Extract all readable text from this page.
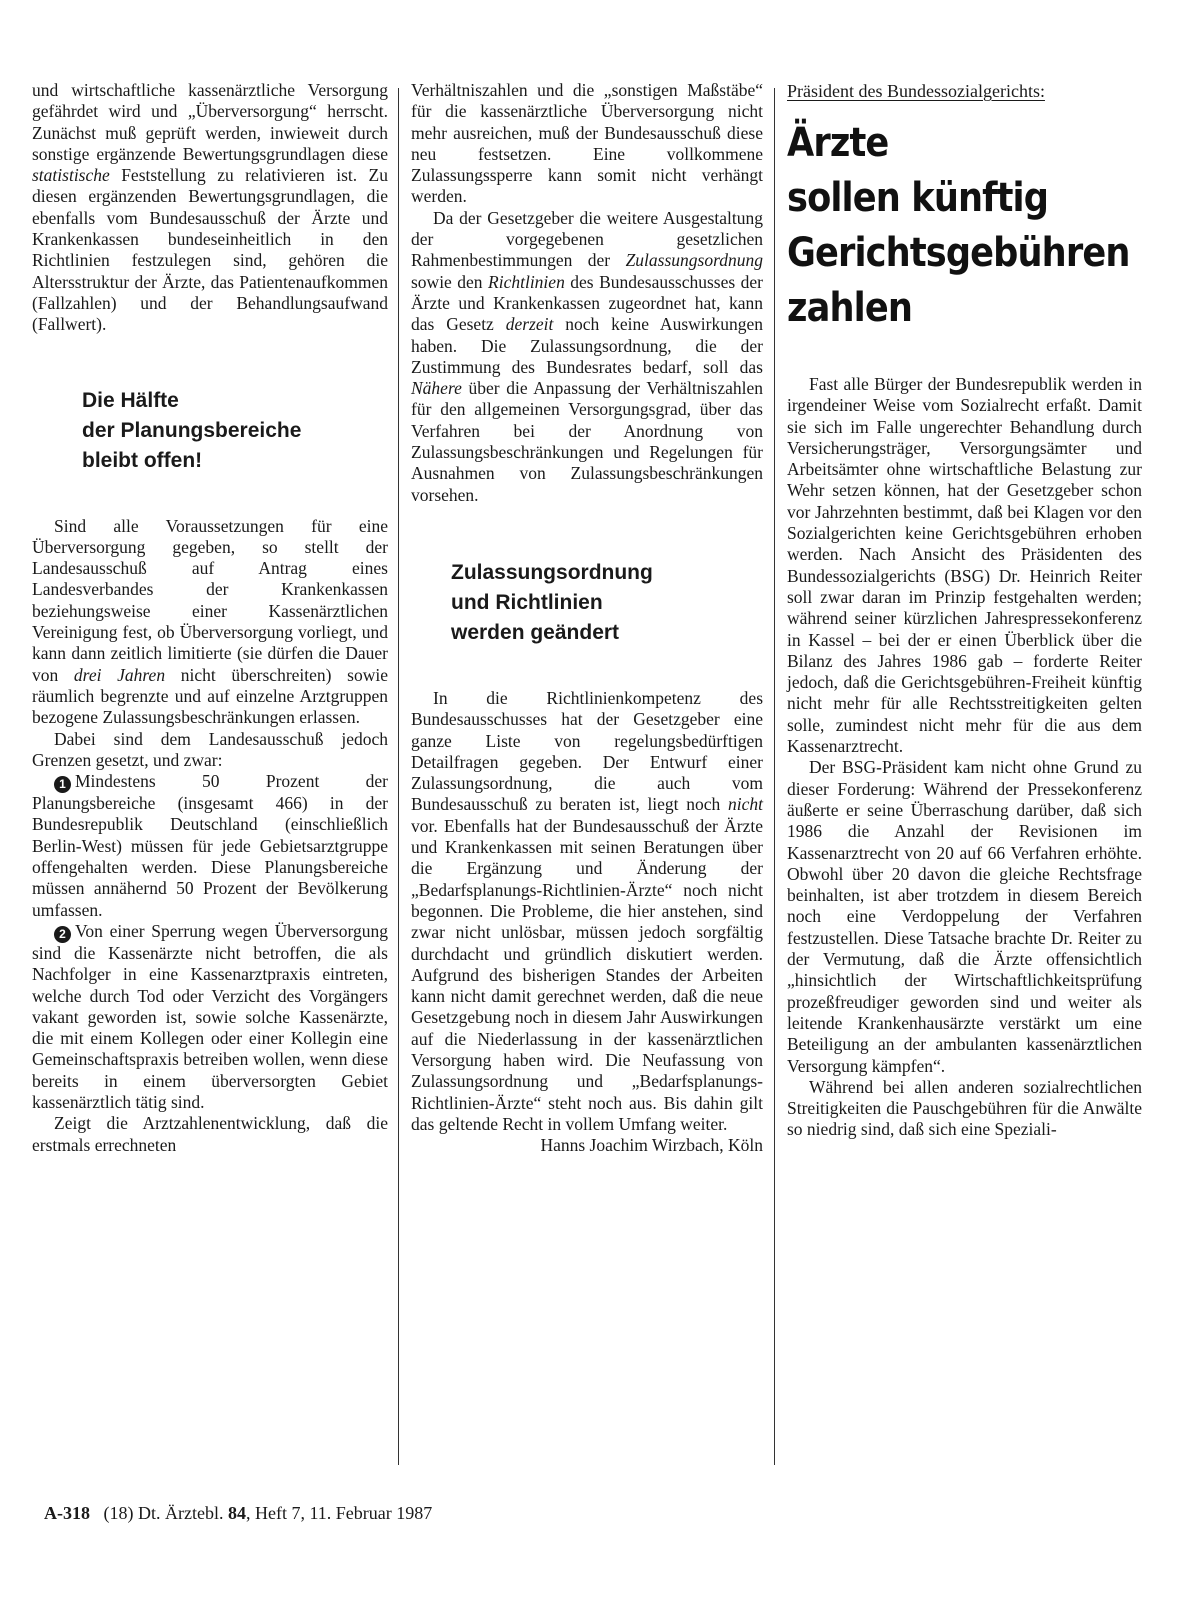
und wirtschaftliche kassenärztliche Versorgung gefährdet wird und „Überversorgung“ herrscht. Zunächst muß geprüft werden, inwieweit durch sonstige ergänzende Bewertungsgrundlagen diese statistische Feststellung zu relativieren ist. Zu diesen ergänzenden Bewertungsgrundlagen, die ebenfalls vom Bundesausschuß der Ärzte und Krankenkassen bundeseinheitlich in den Richtlinien festzulegen sind, gehören die Altersstruktur der Ärzte, das Patientenaufkommen (Fallzahlen) und der Behandlungsaufwand (Fallwert).

Die Hälfte
der Planungsbereiche
bleibt offen!

Sind alle Voraussetzungen für eine Überversorgung gegeben, so stellt der Landesausschuß auf Antrag eines Landesverbandes der Krankenkassen beziehungsweise einer Kassenärztlichen Vereinigung fest, ob Überversorgung vorliegt, und kann dann zeitlich limitierte (sie dürfen die Dauer von drei Jahren nicht überschreiten) sowie räumlich begrenzte und auf einzelne Arztgruppen bezogene Zulassungsbeschränkungen erlassen.

Dabei sind dem Landesausschuß jedoch Grenzen gesetzt, und zwar:

1 Mindestens 50 Prozent der Planungsbereiche (insgesamt 466) in der Bundesrepublik Deutschland (einschließlich Berlin-West) müssen für jede Gebietsarztgruppe offengehalten werden. Diese Planungsbereiche müssen annähernd 50 Prozent der Bevölkerung umfassen.

2 Von einer Sperrung wegen Überversorgung sind die Kassenärzte nicht betroffen, die als Nachfolger in eine Kassenarztpraxis eintreten, welche durch Tod oder Verzicht des Vorgängers vakant geworden ist, sowie solche Kassenärzte, die mit einem Kollegen oder einer Kollegin eine Gemeinschaftspraxis betreiben wollen, wenn diese bereits in einem überversorgten Gebiet kassenärztlich tätig sind.

Zeigt die Arztzahlenentwicklung, daß die erstmals errechneten

Verhältniszahlen und die „sonstigen Maßstäbe“ für die kassenärztliche Überversorgung nicht mehr ausreichen, muß der Bundesausschuß diese neu festsetzen. Eine vollkommene Zulassungssperre kann somit nicht verhängt werden.

Da der Gesetzgeber die weitere Ausgestaltung der vorgegebenen gesetzlichen Rahmenbestimmungen der Zulassungsordnung sowie den Richtlinien des Bundesausschusses der Ärzte und Krankenkassen zugeordnet hat, kann das Gesetz derzeit noch keine Auswirkungen haben. Die Zulassungsordnung, die der Zustimmung des Bundesrates bedarf, soll das Nähere über die Anpassung der Verhältniszahlen für den allgemeinen Versorgungsgrad, über das Verfahren bei der Anordnung von Zulassungsbeschränkungen und Regelungen für Ausnahmen von Zulassungsbeschränkungen vorsehen.

Zulassungsordnung
und Richtlinien
werden geändert

In die Richtlinienkompetenz des Bundesausschusses hat der Gesetzgeber eine ganze Liste von regelungsbedürftigen Detailfragen gegeben. Der Entwurf einer Zulassungsordnung, die auch vom Bundesausschuß zu beraten ist, liegt noch nicht vor. Ebenfalls hat der Bundesausschuß der Ärzte und Krankenkassen mit seinen Beratungen über die Ergänzung und Änderung der „Bedarfsplanungs-Richtlinien-Ärzte“ noch nicht begonnen. Die Probleme, die hier anstehen, sind zwar nicht unlösbar, müssen jedoch sorgfältig durchdacht und gründlich diskutiert werden. Aufgrund des bisherigen Standes der Arbeiten kann nicht damit gerechnet werden, daß die neue Gesetzgebung noch in diesem Jahr Auswirkungen auf die Niederlassung in der kassenärztlichen Versorgung haben wird. Die Neufassung von Zulassungsordnung und „Bedarfsplanungs-Richtlinien-Ärzte“ steht noch aus. Bis dahin gilt das geltende Recht in vollem Umfang weiter.

Hanns Joachim Wirzbach, Köln

Präsident des Bundessozialgerichts:
Ärzte
sollen künftig
Gerichtsgebühren
zahlen

Fast alle Bürger der Bundesrepublik werden in irgendeiner Weise vom Sozialrecht erfaßt. Damit sie sich im Falle ungerechter Behandlung durch Versicherungsträger, Versorgungsämter und Arbeitsämter ohne wirtschaftliche Belastung zur Wehr setzen können, hat der Gesetzgeber schon vor Jahrzehnten bestimmt, daß bei Klagen vor den Sozialgerichten keine Gerichtsgebühren erhoben werden. Nach Ansicht des Präsidenten des Bundessozialgerichts (BSG) Dr. Heinrich Reiter soll zwar daran im Prinzip festgehalten werden; während seiner kürzlichen Jahrespressekonferenz in Kassel – bei der er einen Überblick über die Bilanz des Jahres 1986 gab – forderte Reiter jedoch, daß die Gerichtsgebühren-Freiheit künftig nicht mehr für alle Rechtsstreitigkeiten gelten solle, zumindest nicht mehr für die aus dem Kassenarztrecht.

Der BSG-Präsident kam nicht ohne Grund zu dieser Forderung: Während der Pressekonferenz äußerte er seine Überraschung darüber, daß sich 1986 die Anzahl der Revisionen im Kassenarztrecht von 20 auf 66 Verfahren erhöhte. Obwohl über 20 davon die gleiche Rechtsfrage beinhalten, ist aber trotzdem in diesem Bereich noch eine Verdoppelung der Verfahren festzustellen. Diese Tatsache brachte Dr. Reiter zu der Vermutung, daß die Ärzte offensichtlich „hinsichtlich der Wirtschaftlichkeitsprüfung prozeßfreudiger geworden sind und weiter als leitende Krankenhausärzte verstärkt um eine Beteiligung an der ambulanten kassenärztlichen Versorgung kämpfen“.

Während bei allen anderen sozialrechtlichen Streitigkeiten die Pauschgebühren für die Anwälte so niedrig sind, daß sich eine Speziali-

A-318 (18) Dt. Ärztebl. 84, Heft 7, 11. Februar 1987
